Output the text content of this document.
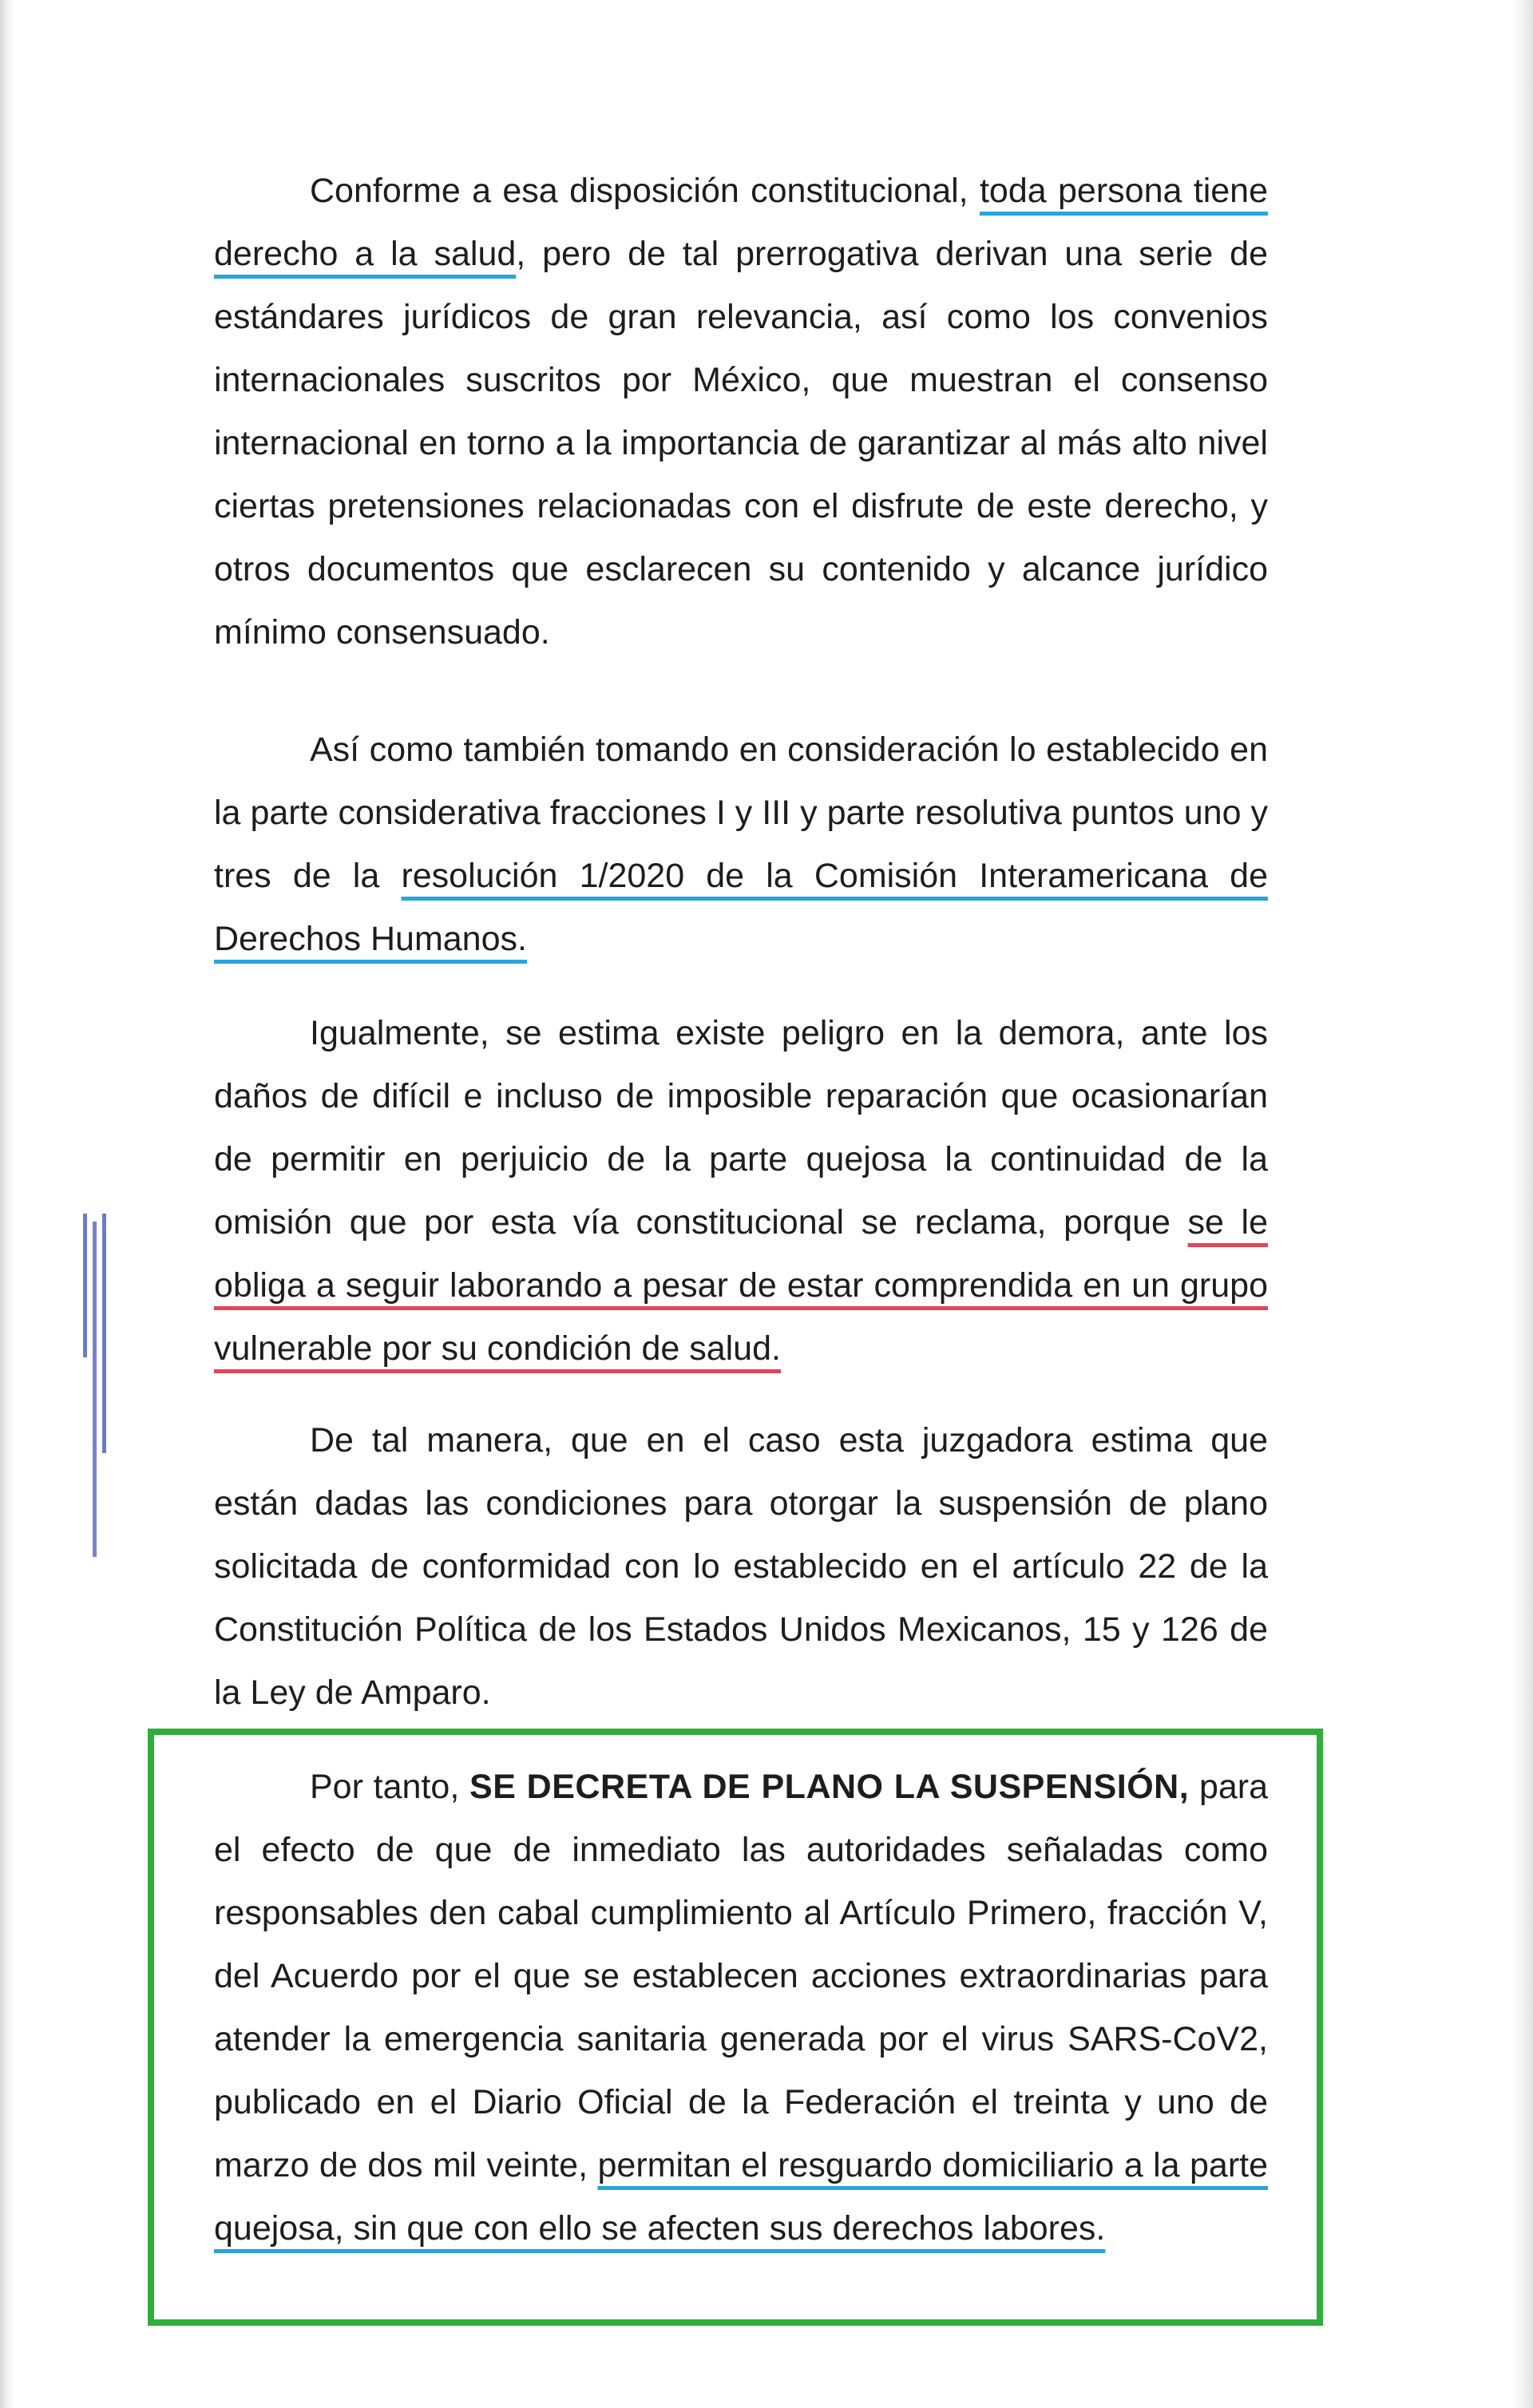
Conforme a esa disposición constitucional, toda persona tiene derecho a la salud, pero de tal prerrogativa derivan una serie de estándares jurídicos de gran relevancia, así como los convenios internacionales suscritos por México, que muestran el consenso internacional en torno a la importancia de garantizar al más alto nivel ciertas pretensiones relacionadas con el disfrute de este derecho, y otros documentos que esclarecen su contenido y alcance jurídico mínimo consensuado.

Así como también tomando en consideración lo establecido en la parte considerativa fracciones I y III y parte resolutiva puntos uno y tres de la resolución 1/2020 de la Comisión Interamericana de Derechos Humanos.

Igualmente, se estima existe peligro en la demora, ante los daños de difícil e incluso de imposible reparación que ocasionarían de permitir en perjuicio de la parte quejosa la continuidad de la omisión que por esta vía constitucional se reclama, porque se le obliga a seguir laborando a pesar de estar comprendida en un grupo vulnerable por su condición de salud.

De tal manera, que en el caso esta juzgadora estima que están dadas las condiciones para otorgar la suspensión de plano solicitada de conformidad con lo establecido en el artículo 22 de la Constitución Política de los Estados Unidos Mexicanos, 15 y 126 de la Ley de Amparo.

Por tanto, SE DECRETA DE PLANO LA SUSPENSIÓN, para el efecto de que de inmediato las autoridades señaladas como responsables den cabal cumplimiento al Artículo Primero, fracción V, del Acuerdo por el que se establecen acciones extraordinarias para atender la emergencia sanitaria generada por el virus SARS-CoV2, publicado en el Diario Oficial de la Federación el treinta y uno de marzo de dos mil veinte, permitan el resguardo domiciliario a la parte quejosa, sin que con ello se afecten sus derechos labores.
